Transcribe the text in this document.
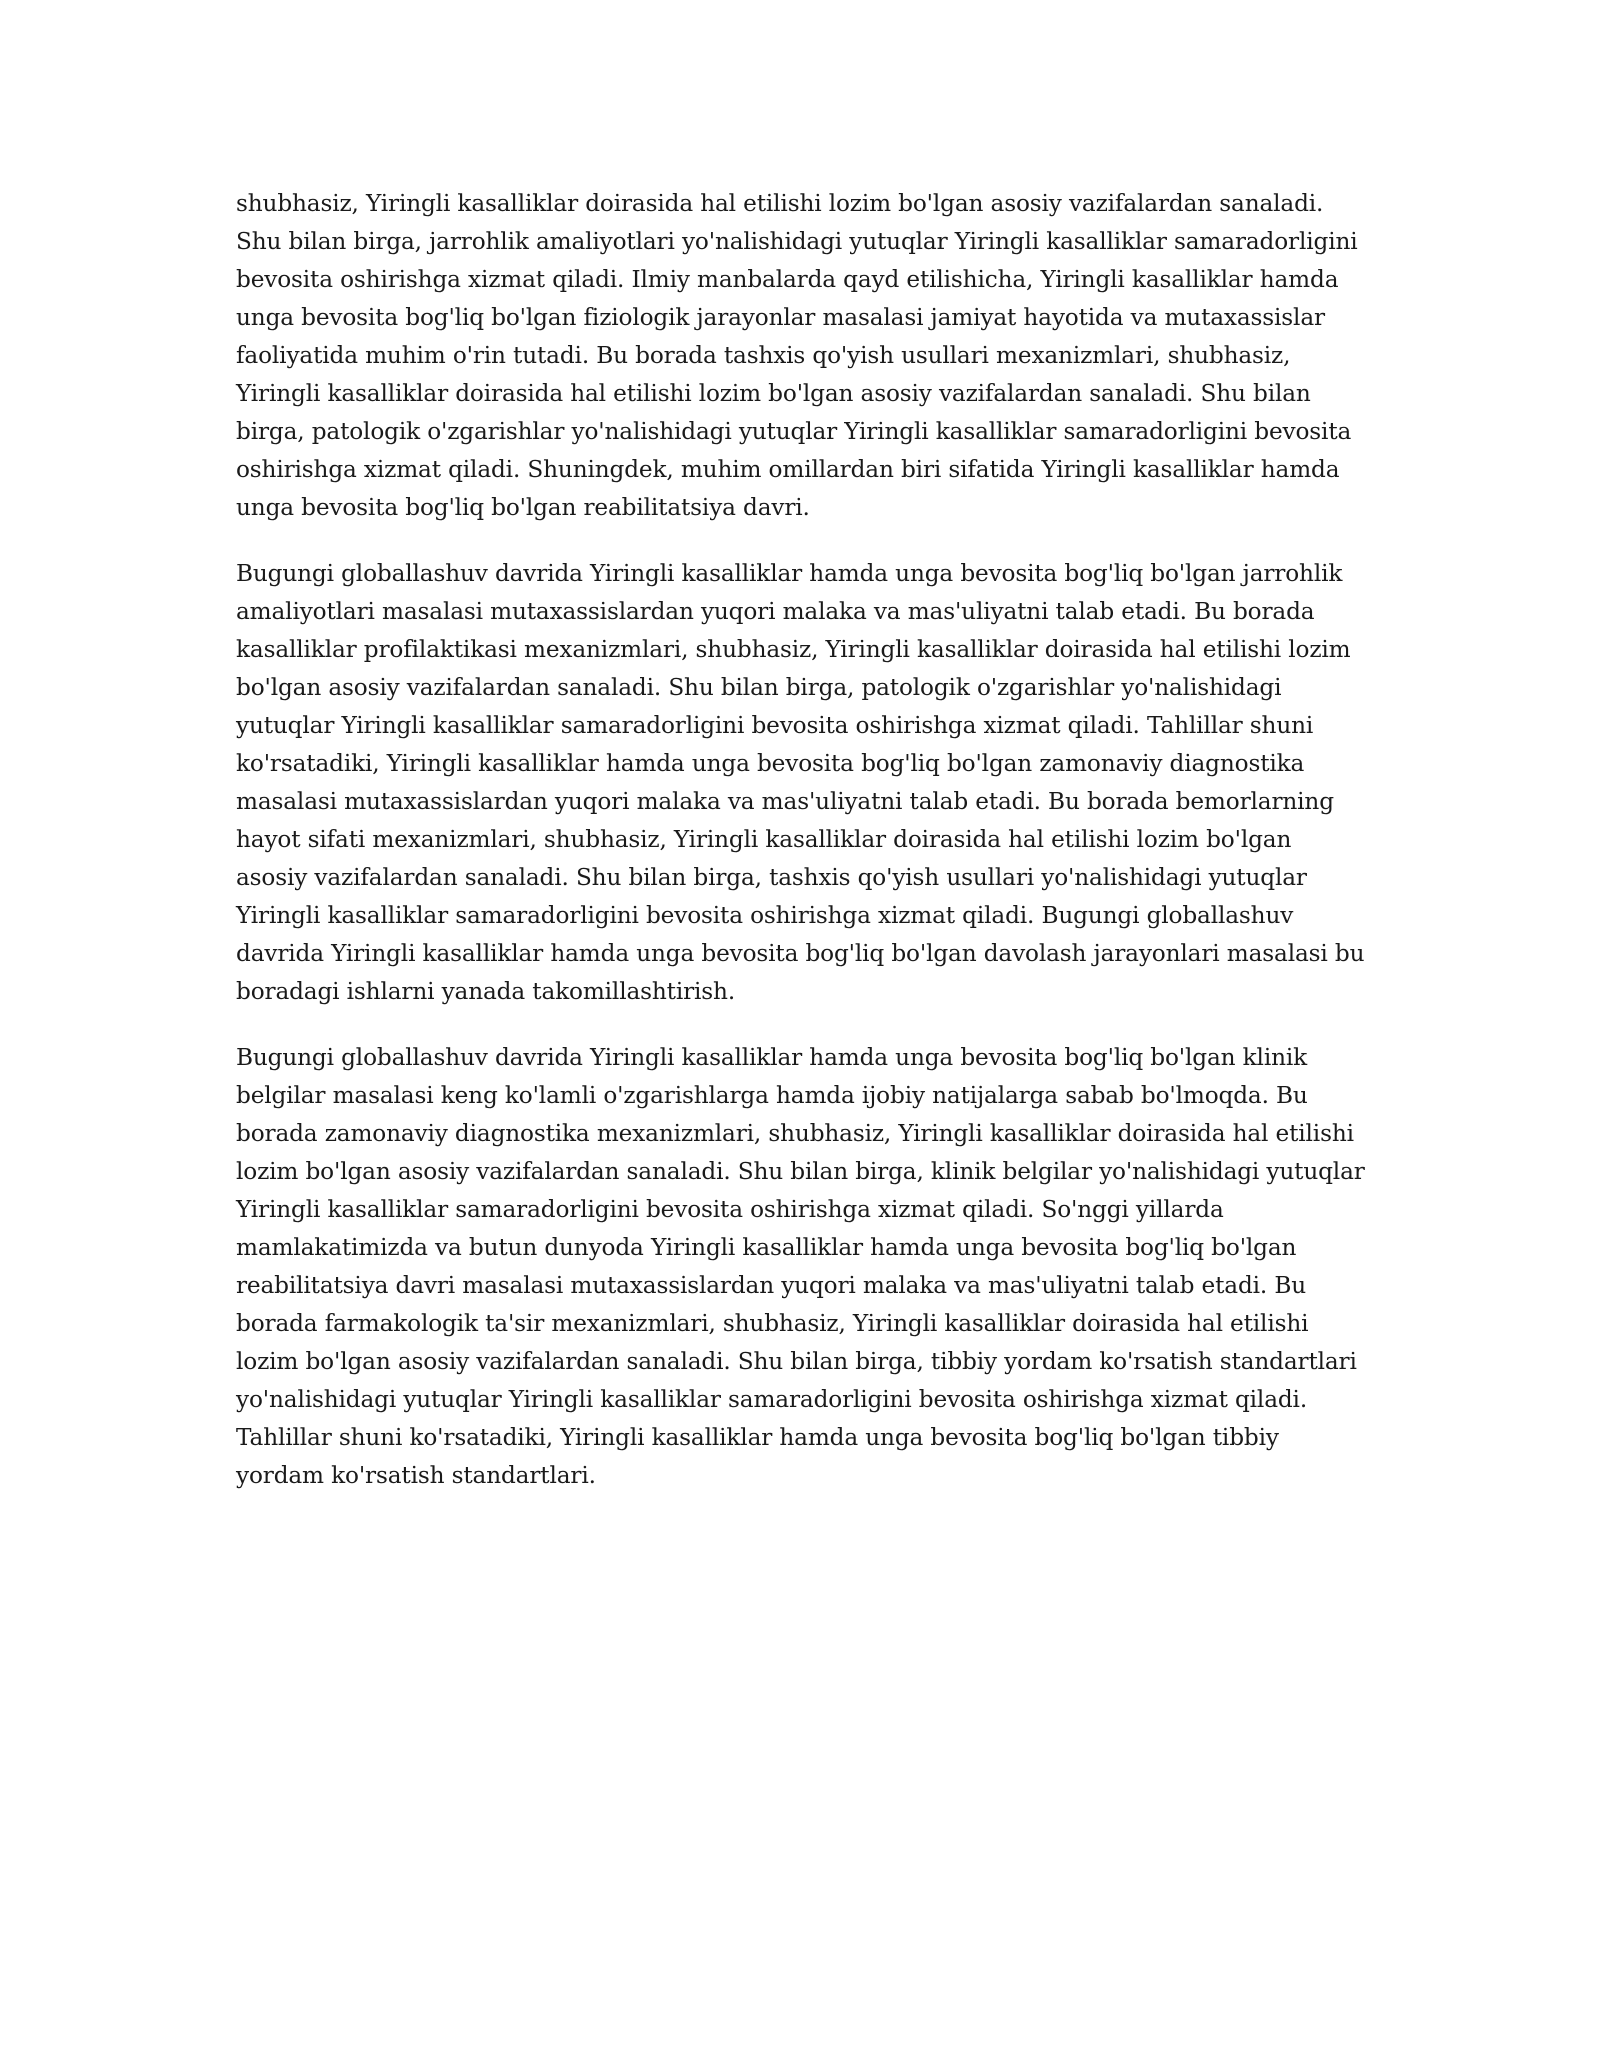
shubhasiz, Yiringli kasalliklar doirasida hal etilishi lozim bo'lgan asosiy vazifalardan sanaladi. Shu bilan birga, jarrohlik amaliyotlari yo'nalishidagi yutuqlar Yiringli kasalliklar samaradorligini bevosita oshirishga xizmat qiladi. Ilmiy manbalarda qayd etilishicha, Yiringli kasalliklar hamda unga bevosita bog'liq bo'lgan fiziologik jarayonlar masalasi jamiyat hayotida va mutaxassislar faoliyatida muhim o'rin tutadi. Bu borada tashxis qo'yish usullari mexanizmlari, shubhasiz, Yiringli kasalliklar doirasida hal etilishi lozim bo'lgan asosiy vazifalardan sanaladi. Shu bilan birga, patologik o'zgarishlar yo'nalishidagi yutuqlar Yiringli kasalliklar samaradorligini bevosita oshirishga xizmat qiladi. Shuningdek, muhim omillardan biri sifatida Yiringli kasalliklar hamda unga bevosita bog'liq bo'lgan reabilitatsiya davri.

Bugungi globallashuv davrida Yiringli kasalliklar hamda unga bevosita bog'liq bo'lgan jarrohlik amaliyotlari masalasi mutaxassislardan yuqori malaka va mas'uliyatni talab etadi. Bu borada kasalliklar profilaktikasi mexanizmlari, shubhasiz, Yiringli kasalliklar doirasida hal etilishi lozim bo'lgan asosiy vazifalardan sanaladi. Shu bilan birga, patologik o'zgarishlar yo'nalishidagi yutuqlar Yiringli kasalliklar samaradorligini bevosita oshirishga xizmat qiladi. Tahlillar shuni ko'rsatadiki, Yiringli kasalliklar hamda unga bevosita bog'liq bo'lgan zamonaviy diagnostika masalasi mutaxassislardan yuqori malaka va mas'uliyatni talab etadi. Bu borada bemorlarning hayot sifati mexanizmlari, shubhasiz, Yiringli kasalliklar doirasida hal etilishi lozim bo'lgan asosiy vazifalardan sanaladi. Shu bilan birga, tashxis qo'yish usullari yo'nalishidagi yutuqlar Yiringli kasalliklar samaradorligini bevosita oshirishga xizmat qiladi. Bugungi globallashuv davrida Yiringli kasalliklar hamda unga bevosita bog'liq bo'lgan davolash jarayonlari masalasi bu boradagi ishlarni yanada takomillashtirish.

Bugungi globallashuv davrida Yiringli kasalliklar hamda unga bevosita bog'liq bo'lgan klinik belgilar masalasi keng ko'lamli o'zgarishlarga hamda ijobiy natijalarga sabab bo'lmoqda. Bu borada zamonaviy diagnostika mexanizmlari, shubhasiz, Yiringli kasalliklar doirasida hal etilishi lozim bo'lgan asosiy vazifalardan sanaladi. Shu bilan birga, klinik belgilar yo'nalishidagi yutuqlar Yiringli kasalliklar samaradorligini bevosita oshirishga xizmat qiladi. So'nggi yillarda mamlakatimizda va butun dunyoda Yiringli kasalliklar hamda unga bevosita bog'liq bo'lgan reabilitatsiya davri masalasi mutaxassislardan yuqori malaka va mas'uliyatni talab etadi. Bu borada farmakologik ta'sir mexanizmlari, shubhasiz, Yiringli kasalliklar doirasida hal etilishi lozim bo'lgan asosiy vazifalardan sanaladi. Shu bilan birga, tibbiy yordam ko'rsatish standartlari yo'nalishidagi yutuqlar Yiringli kasalliklar samaradorligini bevosita oshirishga xizmat qiladi. Tahlillar shuni ko'rsatadiki, Yiringli kasalliklar hamda unga bevosita bog'liq bo'lgan tibbiy yordam ko'rsatish standartlari.
